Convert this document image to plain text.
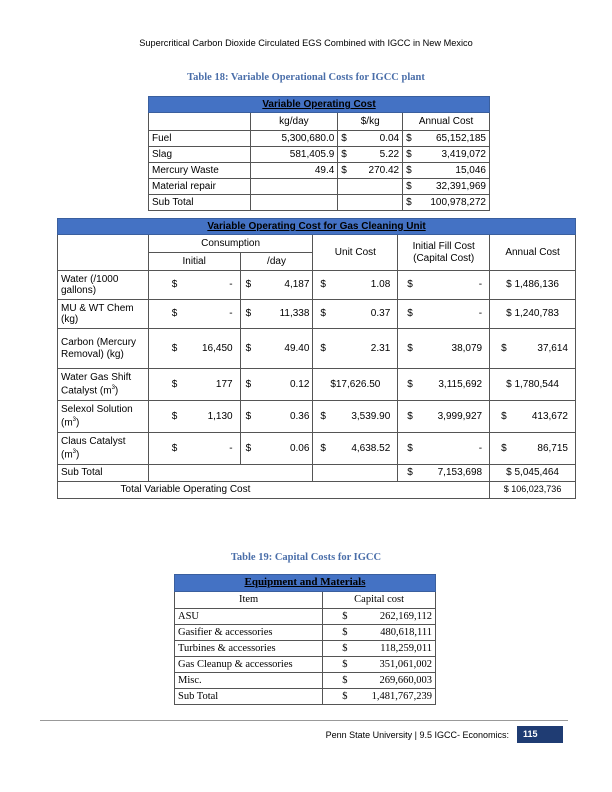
Supercritical Carbon Dioxide Circulated EGS Combined with IGCC in New Mexico
Table 18: Variable Operational Costs for IGCC plant
Variable Operating Cost			
	kg/day	$/kg	Annual Cost
Fuel	5,300,680.0	$ 0.04	$ 65,152,185

Slag	581,405.9	$ 5.22	$ 3,419,072

Mercury Waste	49.4	$ 270.42	$ 15,046

Material repair			$ 32,391,969

Sub Total			$ 100,978,272
Variable Operating Cost for Gas Cleaning Unit					
	Consumption		Unit Cost	Initial Fill Cost (Capital Cost)	Annual Cost
	Initial	/day			
Water (/1000 gallons)	$ -	$ 4,187	$ 1.08	$ -	$ 1,486,136
MU & WT Chem (kg)	$ -	$ 11,338	$ 0.37	$ -	$ 1,240,783
Carbon (Mercury Removal) (kg)	$ 16,450	$ 49.40	$ 2.31	$ 38,079	$ 37,614

Water Gas Shift Catalyst $(m^3)$	$ 177	$ 0.12	$17,626.50	$ 3,115,692	$ 1,780,544
Selexol Solution $(m^3)$	$ 1,130	$ 0.36	$ 3,539.90	$ 3,999,927	$ 413,672

Claus Catalyst $(m^3)$	$ -	$ 0.06	$ 4,638.52	$ -	$ 86,715

Sub Total				$ 7,153,698	$ 5,045,464
Total Variable Operating Cost					$ 106,023,736
Table 19: Capital Costs for IGCC
Equipment and Materials	
Item	Capital cost
ASU	$ 262,169,112

Gasifier & accessories	$ 480,618,111

Turbines & accessories	$ 118,259,011

Gas Cleanup & accessories	$ 351,061,002

Misc.	$ 269,660,003

Sub Total	$ 1,481,767,239
Penn State University | 9.5 IGCC- Economics:	115
